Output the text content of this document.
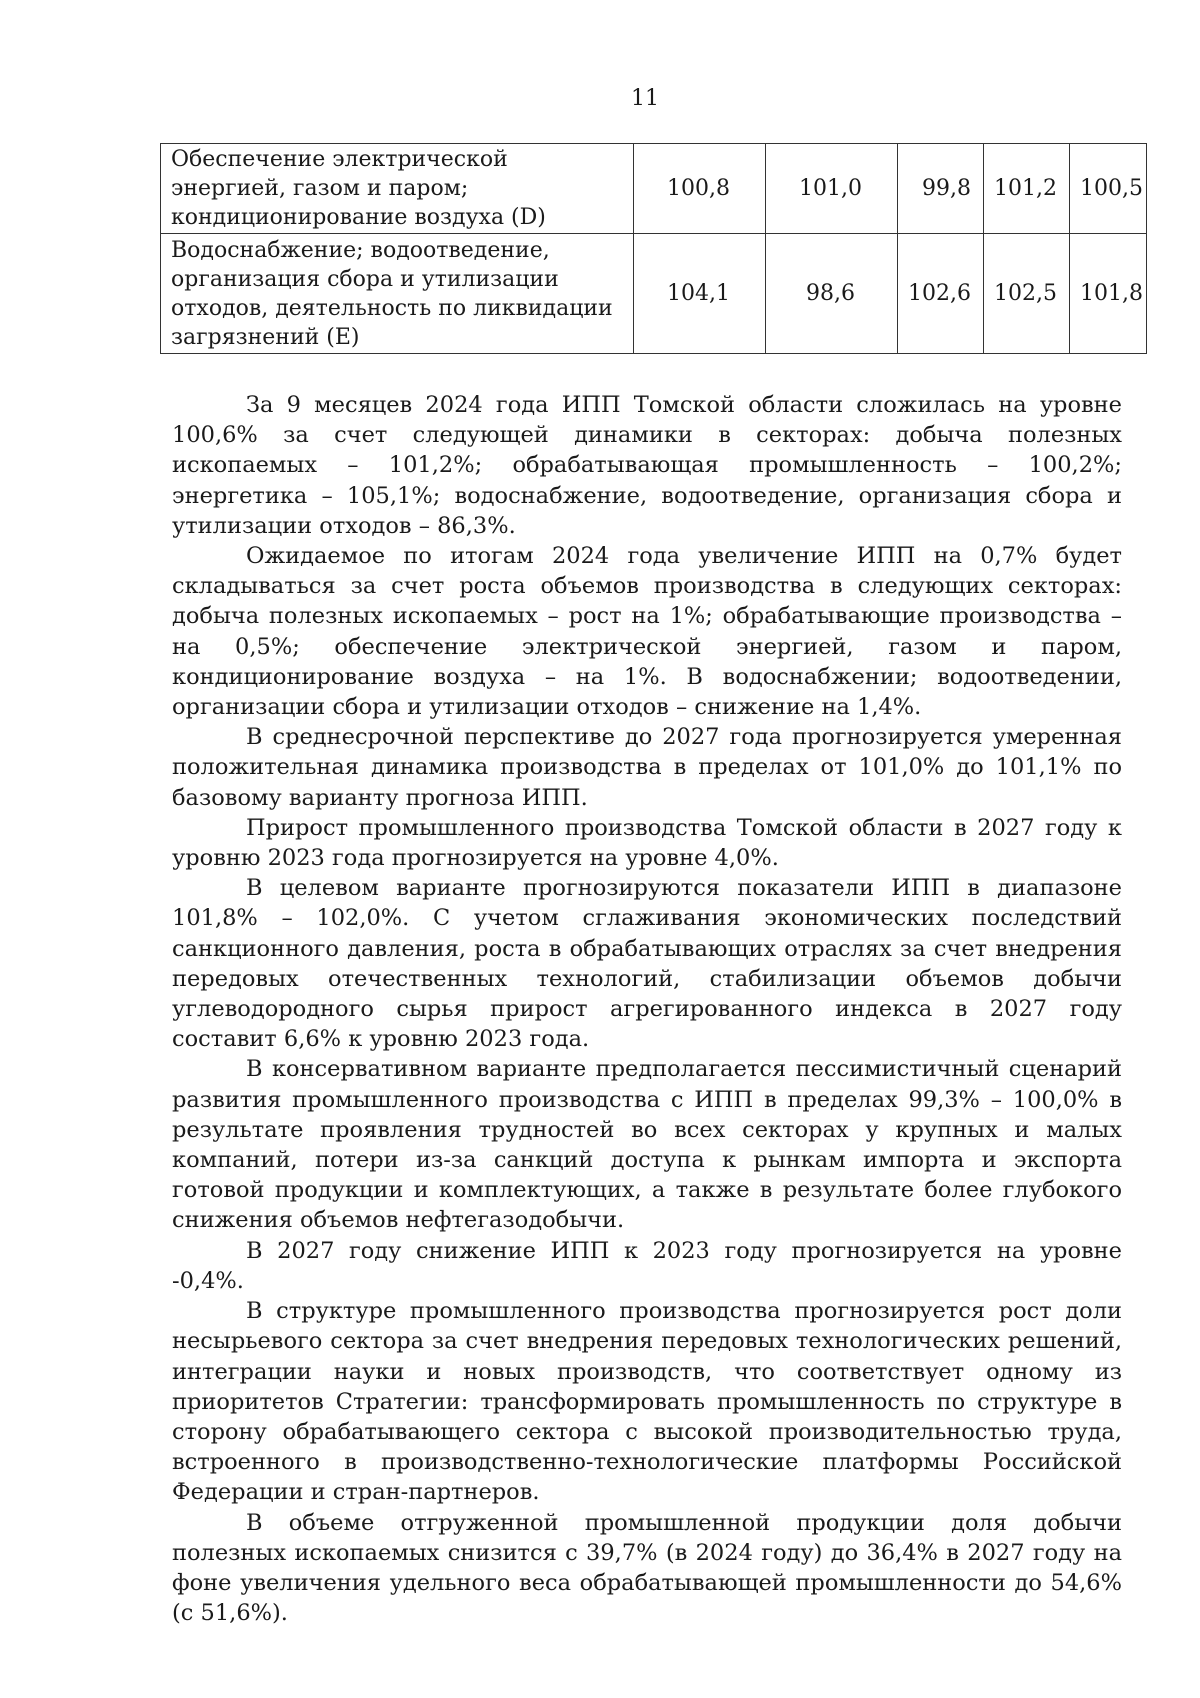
11
Обеспечение электрической энергией, газом и паром; кондиционирование воздуха (D)	100,8	101,0	99,8	101,2	100,5
Водоснабжение; водоотведение, организация сбора и утилизации отходов, деятельность по ликвидации загрязнений (E)	104,1	98,6	102,6	102,5	101,8

За 9 месяцев 2024 года ИПП Томской области сложилась на уровне 100,6% за счет следующей динамики в секторах: добыча полезных ископаемых – 101,2%; обрабатывающая промышленность – 100,2%; энергетика – 105,1%; водоснабжение, водоотведение, организация сбора и утилизации отходов – 86,3%.

Ожидаемое по итогам 2024 года увеличение ИПП на 0,7% будет складываться за счет роста объемов производства в следующих секторах: добыча полезных ископаемых – рост на 1%; обрабатывающие производства – на 0,5%; обеспечение электрической энергией, газом и паром, кондиционирование воздуха – на 1%. В водоснабжении; водоотведении, организации сбора и утилизации отходов – снижение на 1,4%.

В среднесрочной перспективе до 2027 года прогнозируется умеренная положительная динамика производства в пределах от 101,0% до 101,1% по базовому варианту прогноза ИПП.

Прирост промышленного производства Томской области в 2027 году к уровню 2023 года прогнозируется на уровне 4,0%.

В целевом варианте прогнозируются показатели ИПП в диапазоне 101,8% – 102,0%. С учетом сглаживания экономических последствий санкционного давления, роста в обрабатывающих отраслях за счет внедрения передовых отечественных технологий, стабилизации объемов добычи углеводородного сырья прирост агрегированного индекса в 2027 году составит 6,6% к уровню 2023 года.

В консервативном варианте предполагается пессимистичный сценарий развития промышленного производства с ИПП в пределах 99,3% – 100,0% в результате проявления трудностей во всех секторах у крупных и малых компаний, потери из-за санкций доступа к рынкам импорта и экспорта готовой продукции и комплектующих, а также в результате более глубокого снижения объемов нефтегазодобычи.

В 2027 году снижение ИПП к 2023 году прогнозируется на уровне -0,4%.

В структуре промышленного производства прогнозируется рост доли несырьевого сектора за счет внедрения передовых технологических решений, интеграции науки и новых производств, что соответствует одному из приоритетов Стратегии: трансформировать промышленность по структуре в сторону обрабатывающего сектора с высокой производительностью труда, встроенного в производственно-технологические платформы Российской Федерации и стран-партнеров.

В объеме отгруженной промышленной продукции доля добычи полезных ископаемых снизится с 39,7% (в 2024 году) до 36,4% в 2027 году на фоне увеличения удельного веса обрабатывающей промышленности до 54,6% (с 51,6%).
